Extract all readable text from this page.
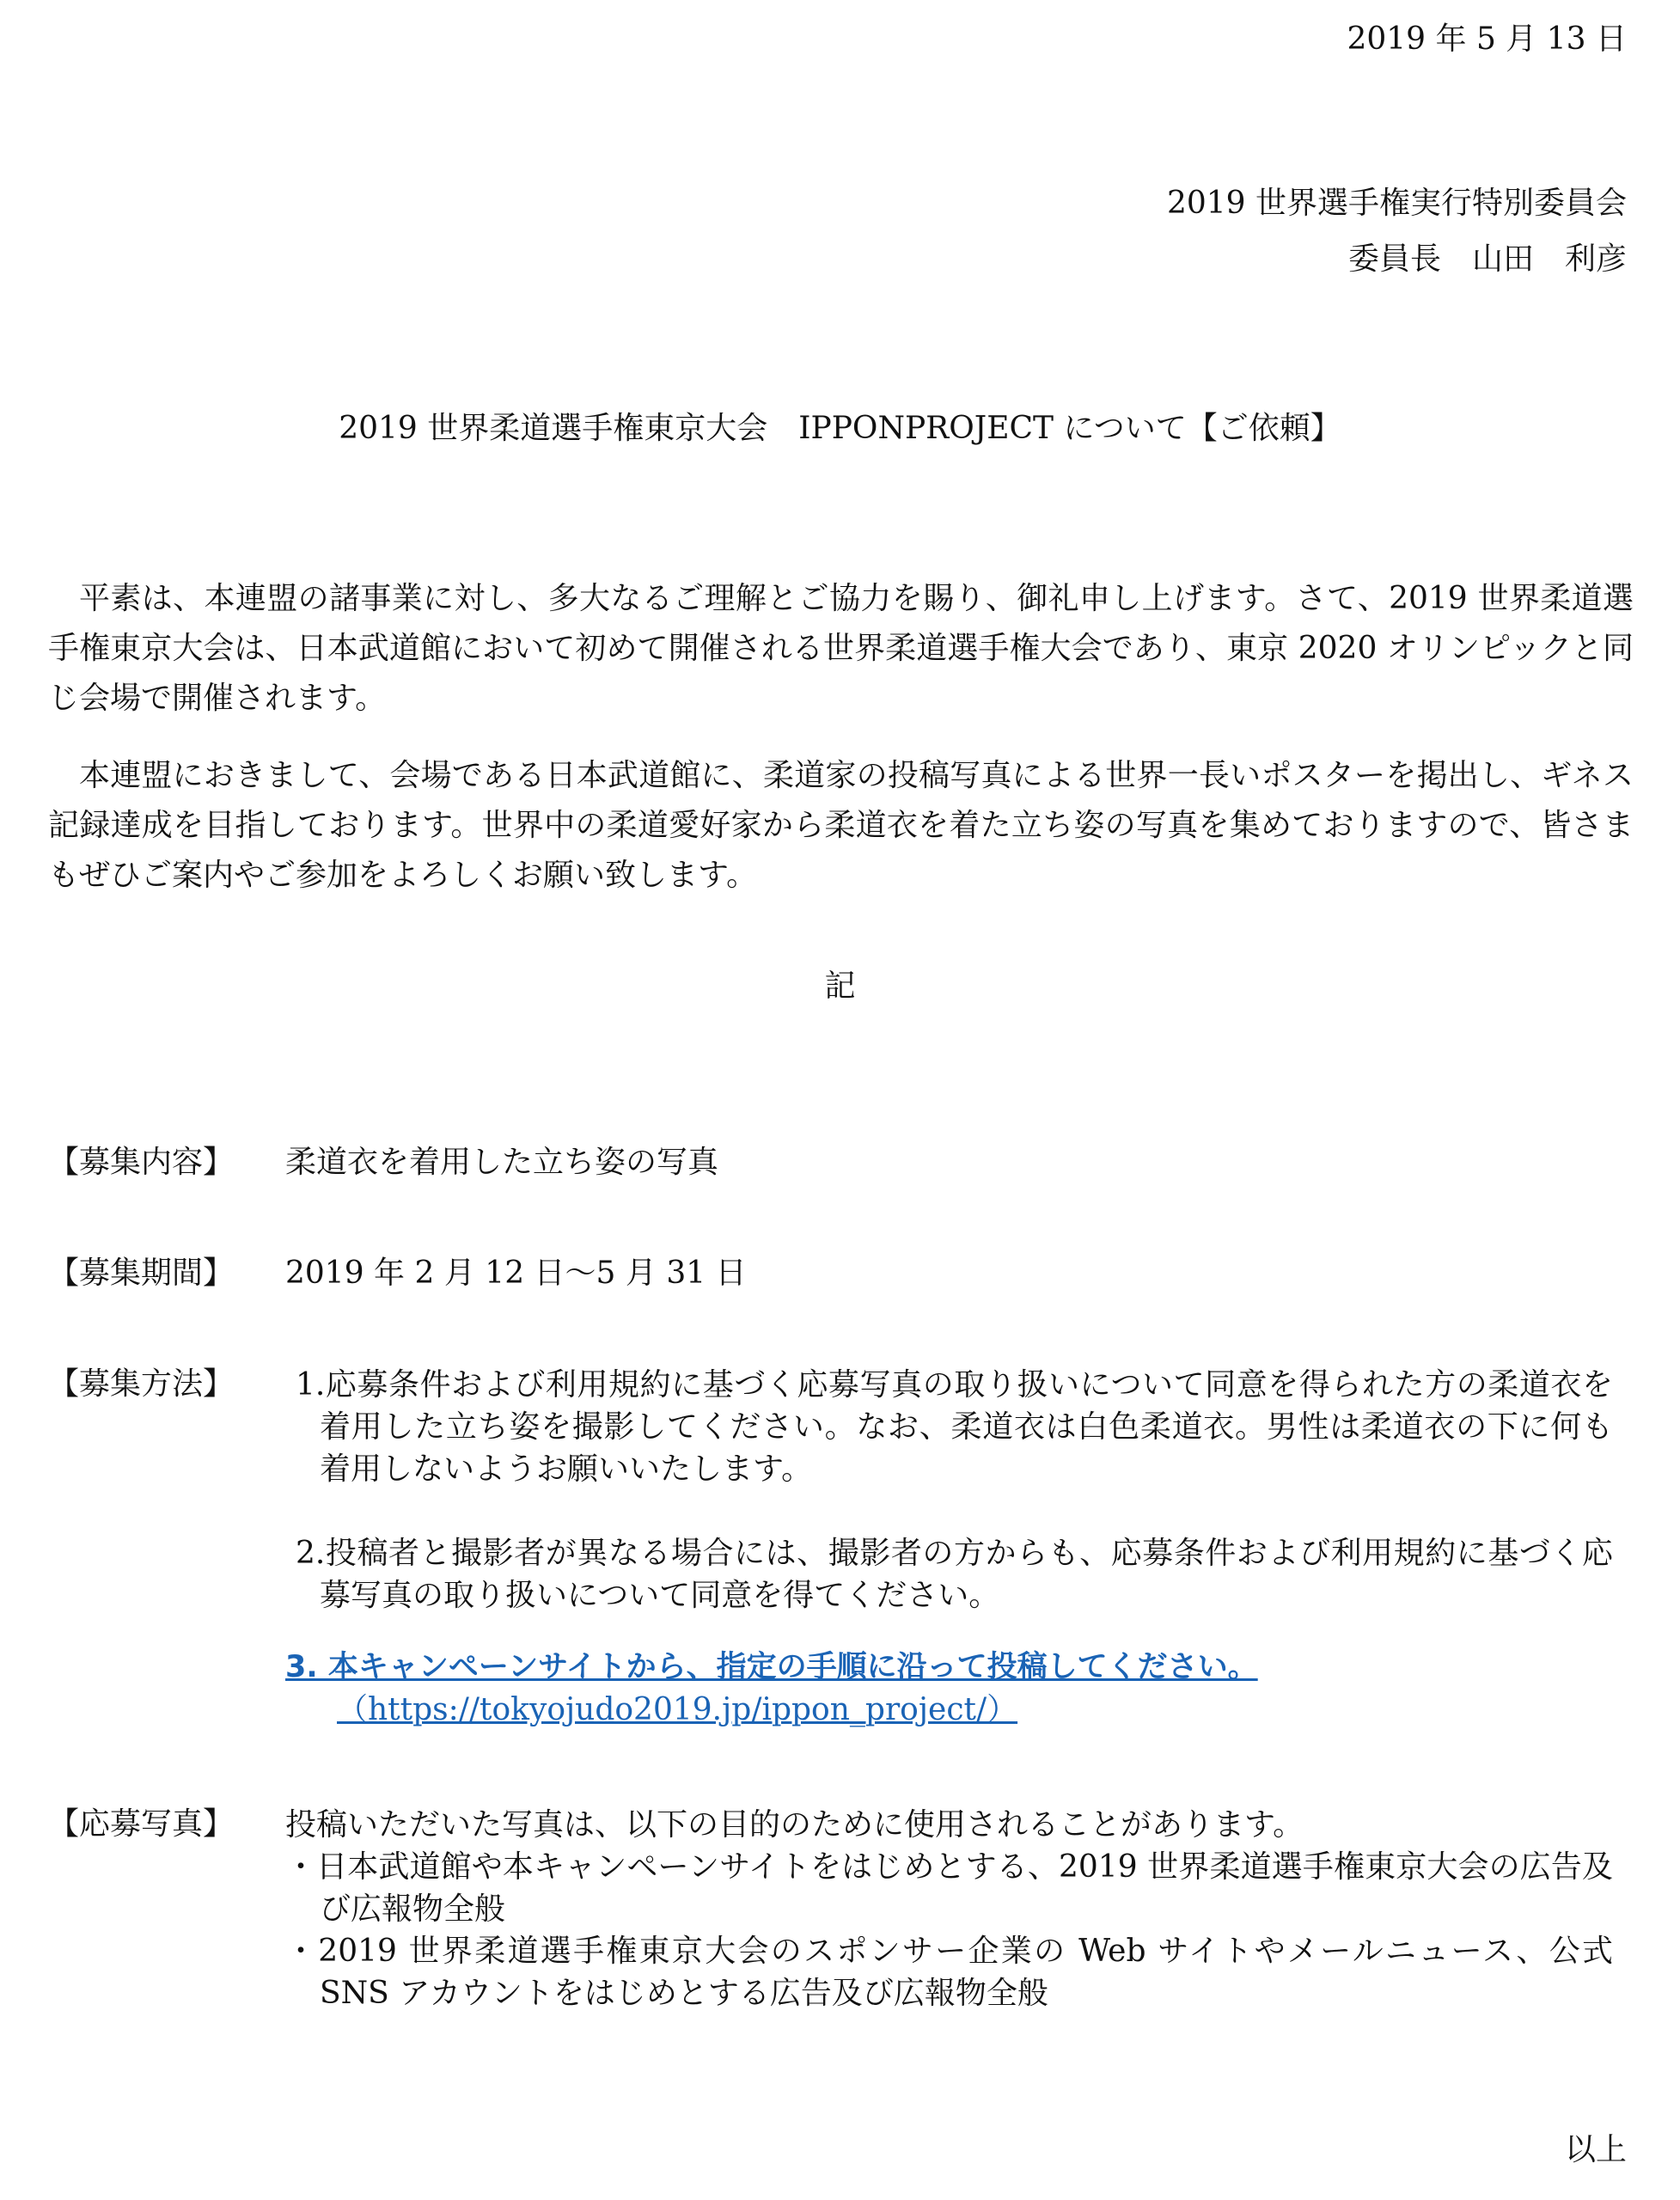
2019 年 5 月 13 日
2019 世界選手権実行特別委員会
委員長　山田　利彦
2019 世界柔道選手権東京大会　IPPONPROJECT について【ご依頼】
平素は、本連盟の諸事業に対し、多大なるご理解とご協力を賜り、御礼申し上げます。さて、2019 世界柔道選手権東京大会は、日本武道館において初めて開催される世界柔道選手権大会であり、東京 2020 オリンピックと同じ会場で開催されます。
本連盟におきまして、会場である日本武道館に、柔道家の投稿写真による世界一長いポスターを掲出し、ギネス記録達成を目指しております。世界中の柔道愛好家から柔道衣を着た立ち姿の写真を集めておりますので、皆さまもぜひご案内やご参加をよろしくお願い致します。
記
【募集内容】 柔道衣を着用した立ち姿の写真
【募集期間】 2019 年 2 月 12 日～5 月 31 日
【募集方法】	1.応募条件および利用規約に基づく応募写真の取り扱いについて同意を得られた方の柔道衣を着用した立ち姿を撮影してください。なお、柔道衣は白色柔道衣。男性は柔道衣の下に何も着用しないようお願いいたします。
2.投稿者と撮影者が異なる場合には、撮影者の方からも、応募条件および利用規約に基づく応募写真の取り扱いについて同意を得てください。
3. 本キャンペーンサイトから、指定の手順に沿って投稿してください。
（https://tokyojudo2019.jp/ippon_project/）
【応募写真】 投稿いただいた写真は、以下の目的のために使用されることがあります。
・日本武道館や本キャンペーンサイトをはじめとする、2019 世界柔道選手権東京大会の広告及び広報物全般
・2019 世界柔道選手権東京大会のスポンサー企業の Web サイトやメールニュース、公式 SNS アカウントをはじめとする広告及び広報物全般
以上
